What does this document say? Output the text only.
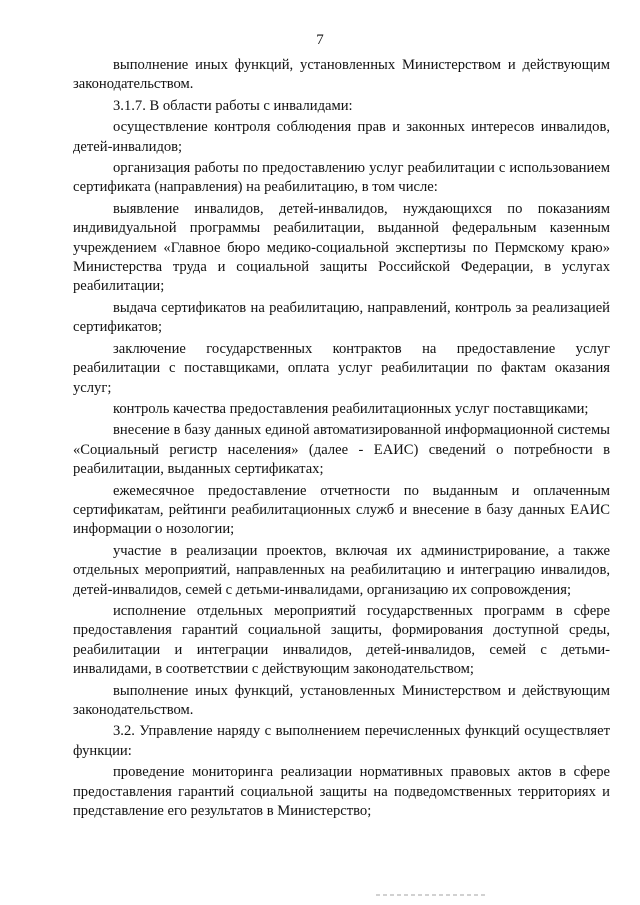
7

выполнение иных функций, установленных Министерством и действующим законодательством.

3.1.7. В области работы с инвалидами:

осуществление контроля соблюдения прав и законных интересов инвалидов, детей-инвалидов;

организация работы по предоставлению услуг реабилитации с использованием сертификата (направления) на реабилитацию, в том числе:

выявление инвалидов, детей-инвалидов, нуждающихся по показаниям индивидуальной программы реабилитации, выданной федеральным казенным учреждением «Главное бюро медико-социальной экспертизы по Пермскому краю» Министерства труда и социальной защиты Российской Федерации, в услугах реабилитации;

выдача сертификатов на реабилитацию, направлений, контроль за реализацией сертификатов;

заключение государственных контрактов на предоставление услуг реабилитации с поставщиками, оплата услуг реабилитации по фактам оказания услуг;

контроль качества предоставления реабилитационных услуг поставщиками;

внесение в базу данных единой автоматизированной информационной системы «Социальный регистр населения» (далее - ЕАИС) сведений о потребности в реабилитации, выданных сертификатах;

ежемесячное предоставление отчетности по выданным и оплаченным сертификатам, рейтинги реабилитационных служб и внесение в базу данных ЕАИС информации о нозологии;

участие в реализации проектов, включая их администрирование, а также отдельных мероприятий, направленных на реабилитацию и интеграцию инвалидов, детей-инвалидов, семей с детьми-инвалидами, организацию их сопровождения;

исполнение отдельных мероприятий государственных программ в сфере предоставления гарантий социальной защиты, формирования доступной среды, реабилитации и интеграции инвалидов, детей-инвалидов, семей с детьми-инвалидами, в соответствии с действующим законодательством;

выполнение иных функций, установленных Министерством и действующим законодательством.

3.2. Управление наряду с выполнением перечисленных функций осуществляет функции:

проведение мониторинга реализации нормативных правовых актов в сфере предоставления гарантий социальной защиты на подведомственных территориях и представление его результатов в Министерство;
